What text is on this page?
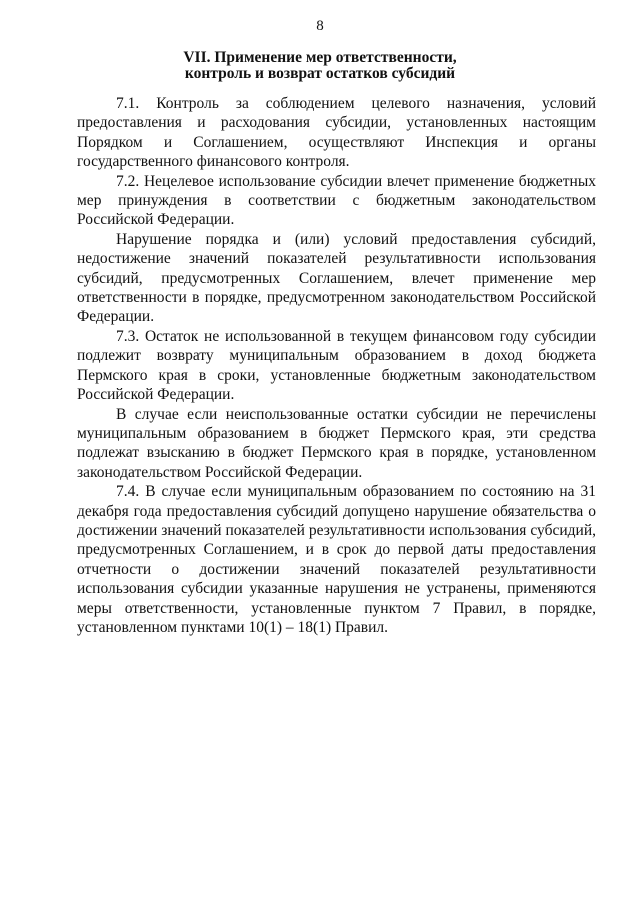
8
VII. Применение мер ответственности,
контроль и возврат остатков субсидий

7.1. Контроль за соблюдением целевого назначения, условий предоставления и расходования субсидии, установленных настоящим Порядком и Соглашением, осуществляют Инспекция и органы государственного финансового контроля.

7.2. Нецелевое использование субсидии влечет применение бюджетных мер принуждения в соответствии с бюджетным законодательством Российской Федерации.

Нарушение порядка и (или) условий предоставления субсидий, недостижение значений показателей результативности использования субсидий, предусмотренных Соглашением, влечет применение мер ответственности в порядке, предусмотренном законодательством Российской Федерации.

7.3. Остаток не использованной в текущем финансовом году субсидии подлежит возврату муниципальным образованием в доход бюджета Пермского края в сроки, установленные бюджетным законодательством Российской Федерации.

В случае если неиспользованные остатки субсидии не перечислены муниципальным образованием в бюджет Пермского края, эти средства подлежат взысканию в бюджет Пермского края в порядке, установленном законодательством Российской Федерации.

7.4. В случае если муниципальным образованием по состоянию на 31 декабря года предоставления субсидий допущено нарушение обязательства о достижении значений показателей результативности использования субсидий, предусмотренных Соглашением, и в срок до первой даты предоставления отчетности о достижении значений показателей результативности использования субсидии указанные нарушения не устранены, применяются меры ответственности, установленные пунктом 7 Правил, в порядке, установленном пунктами 10(1) – 18(1) Правил.
